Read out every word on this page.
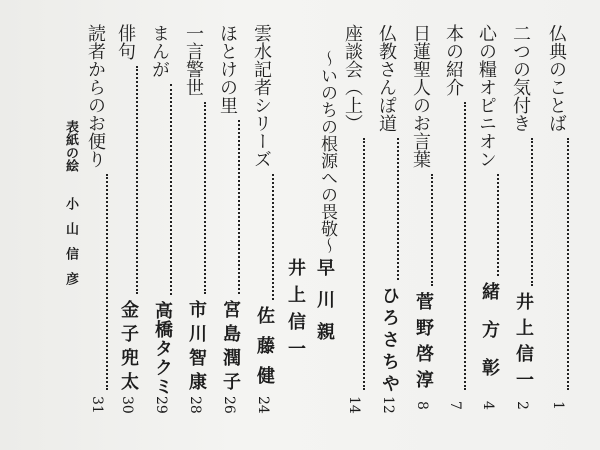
仏典のことば
1
二つの気付き
井上信一
2
心の糧オピニオン
緒方彰
4
本の紹介
7
日蓮聖人のお言葉
菅野啓淳
8
仏教さんぽ道
ひろさちや
12
座談会（上）
14
～いのちの根源への畏敬～
早川親
井上信一
雲水記者シリーズ
佐藤健
24
ほとけの里
宮島潤子
26
一言警世
市川智康
28
まんが
高橋タクミ
29
俳句
金子兜太
30
読者からのお便り
31
表紙の絵 小山信彦
